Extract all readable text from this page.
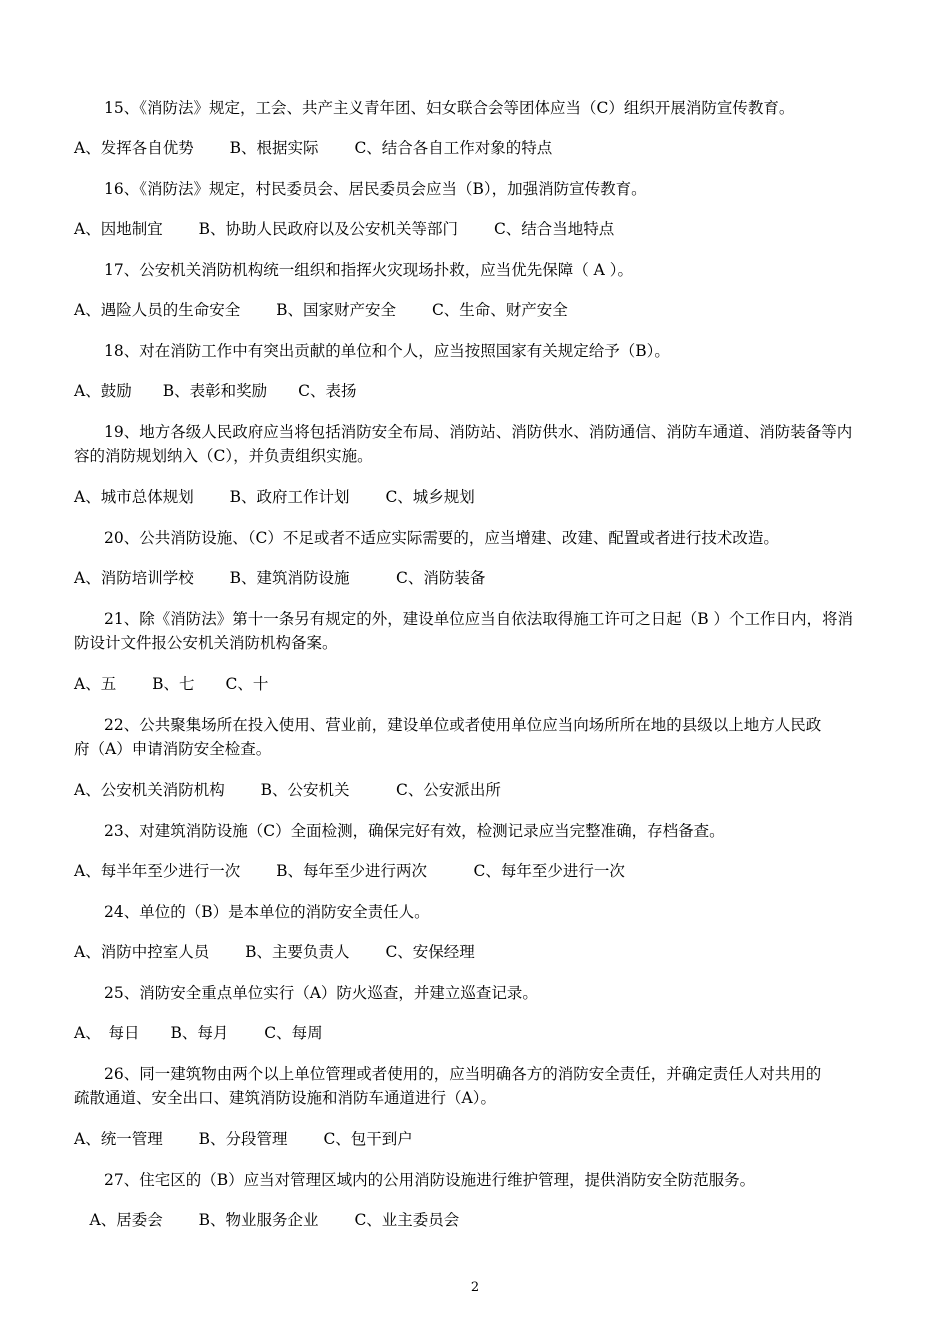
15、《消防法》规定，工会、共产主义青年团、妇女联合会等团体应当（C）组织开展消防宣传教育。
A、发挥各自优势　　 B、根据实际　　 C、结合各自工作对象的特点
16、《消防法》规定，村民委员会、居民委员会应当（B），加强消防宣传教育。
A、因地制宜　　 B、协助人民政府以及公安机关等部门　　 C、结合当地特点
17、公安机关消防机构统一组织和指挥火灾现场扑救，应当优先保障（ A ）。
A、遇险人员的生命安全　　 B、国家财产安全　　 C、生命、财产安全
18、对在消防工作中有突出贡献的单位和个人，应当按照国家有关规定给予（B）。
A、鼓励　　B、表彰和奖励　　C、表扬
19、地方各级人民政府应当将包括消防安全布局、消防站、消防供水、消防通信、消防车通道、消防装备等内
容的消防规划纳入（C），并负责组织实施。
A、城市总体规划　　 B、政府工作计划　　 C、城乡规划
20、公共消防设施、（C）不足或者不适应实际需要的，应当增建、改建、配置或者进行技术改造。
A、消防培训学校　　 B、建筑消防设施　　　C、消防装备
21、除《消防法》第十一条另有规定的外，建设单位应当自依法取得施工许可之日起（B ）个工作日内，将消
防设计文件报公安机关消防机构备案。
A、五　　 B、七　　C、十
22、公共聚集场所在投入使用、营业前，建设单位或者使用单位应当向场所所在地的县级以上地方人民政
府（A）申请消防安全检查。
A、公安机关消防机构　　 B、公安机关　　　C、公安派出所
23、对建筑消防设施（C）全面检测，确保完好有效，检测记录应当完整准确，存档备查。
A、每半年至少进行一次　　 B、每年至少进行两次　　　C、每年至少进行一次
24、单位的（B）是本单位的消防安全责任人。
A、消防中控室人员　　 B、主要负责人　　 C、安保经理
25、消防安全重点单位实行（A）防火巡查，并建立巡查记录。
A、　每日　　B、每月　　 C、每周
26、同一建筑物由两个以上单位管理或者使用的，应当明确各方的消防安全责任，并确定责任人对共用的
疏散通道、安全出口、建筑消防设施和消防车通道进行（A）。
A、统一管理　　 B、分段管理　　 C、包干到户
27、住宅区的（B）应当对管理区域内的公用消防设施进行维护管理，提供消防安全防范服务。
　A、居委会　　 B、物业服务企业　　 C、业主委员会
2
